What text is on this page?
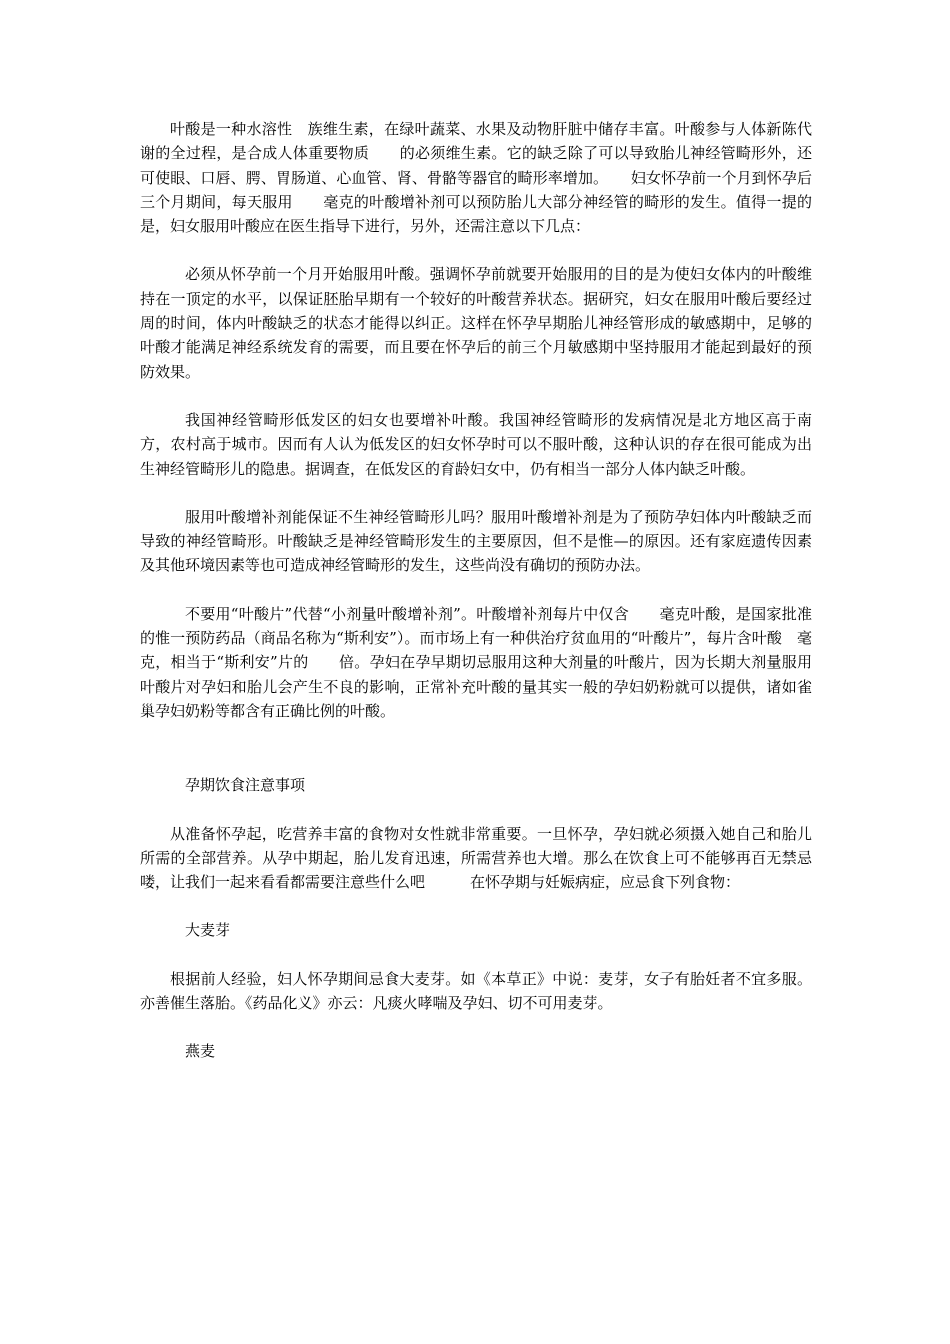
叶酸是一种水溶性　族维生素，在绿叶蔬菜、水果及动物肝脏中储存丰富。叶酸参与人体新陈代谢的全过程，是合成人体重要物质　　的必须维生素。它的缺乏除了可以导致胎儿神经管畸形外，还可使眼、口唇、腭、胃肠道、心血管、肾、骨骼等器官的畸形率增加。　　妇女怀孕前一个月到怀孕后三个月期间，每天服用　　毫克的叶酸增补剂可以预防胎儿大部分神经管的畸形的发生。值得一提的是，妇女服用叶酸应在医生指导下进行，另外，还需注意以下几点：

必须从怀孕前一个月开始服用叶酸。强调怀孕前就要开始服用的目的是为使妇女体内的叶酸维持在一顶定的水平，以保证胚胎早期有一个较好的叶酸营养状态。据研究，妇女在服用叶酸后要经过　周的时间，体内叶酸缺乏的状态才能得以纠正。这样在怀孕早期胎儿神经管形成的敏感期中，足够的叶酸才能满足神经系统发育的需要，而且要在怀孕后的前三个月敏感期中坚持服用才能起到最好的预防效果。

我国神经管畸形低发区的妇女也要增补叶酸。我国神经管畸形的发病情况是北方地区高于南方，农村高于城市。因而有人认为低发区的妇女怀孕时可以不服叶酸，这种认识的存在很可能成为出生神经管畸形儿的隐患。据调查，在低发区的育龄妇女中，仍有相当一部分人体内缺乏叶酸。

服用叶酸增补剂能保证不生神经管畸形儿吗？服用叶酸增补剂是为了预防孕妇体内叶酸缺乏而导致的神经管畸形。叶酸缺乏是神经管畸形发生的主要原因，但不是惟—的原因。还有家庭遗传因素及其他环境因素等也可造成神经管畸形的发生，这些尚没有确切的预防办法。

不要用“叶酸片”代替“小剂量叶酸增补剂”。叶酸增补剂每片中仅含　　毫克叶酸，是国家批准的惟一预防药品（商品名称为“斯利安”）。而市场上有一种供治疗贫血用的“叶酸片”，每片含叶酸　毫克，相当于“斯利安”片的　　倍。孕妇在孕早期切忌服用这种大剂量的叶酸片，因为长期大剂量服用叶酸片对孕妇和胎儿会产生不良的影响，正常补充叶酸的量其实一般的孕妇奶粉就可以提供，诸如雀巢孕妇奶粉等都含有正确比例的叶酸。

孕期饮食注意事项

从准备怀孕起，吃营养丰富的食物对女性就非常重要。一旦怀孕，孕妇就必须摄入她自己和胎儿所需的全部营养。从孕中期起，胎儿发育迅速，所需营养也大增。那么在饮食上可不能够再百无禁忌喽，让我们一起来看看都需要注意些什么吧　　　在怀孕期与妊娠病症，应忌食下列食物：

大麦芽

根据前人经验，妇人怀孕期间忌食大麦芽。如《本草正》中说：麦芽，女子有胎妊者不宜多服。亦善催生落胎。《药品化义》亦云：凡痰火哮喘及孕妇、切不可用麦芽。

燕麦
